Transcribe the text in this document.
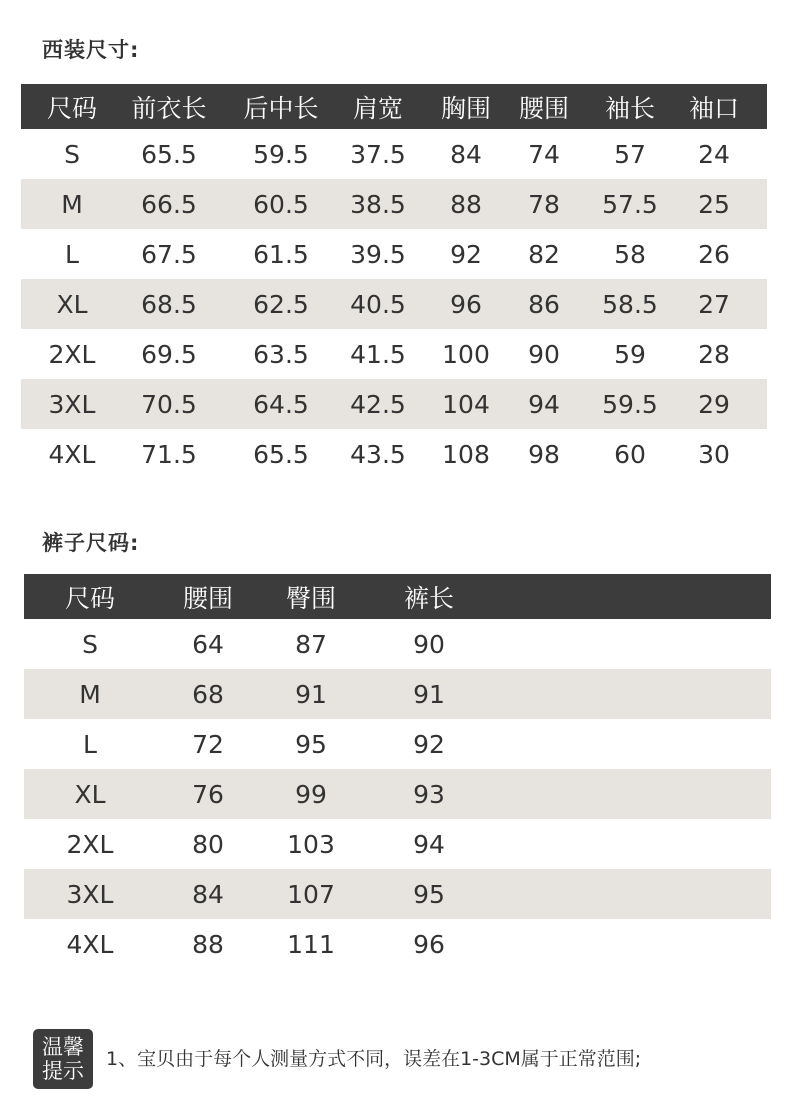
西装尺寸:
尺码	前衣长	后中长	肩宽	胸围	腰围	袖长	袖口
S	65.5	59.5	37.5	84	74	57	24
M	66.5	60.5	38.5	88	78	57.5	25
L	67.5	61.5	39.5	92	82	58	26
XL	68.5	62.5	40.5	96	86	58.5	27
2XL	69.5	63.5	41.5	100	90	59	28
3XL	70.5	64.5	42.5	104	94	59.5	29
4XL	71.5	65.5	43.5	108	98	60	30
裤子尺码:
尺码	腰围	臀围	裤长
S	64	87	90
M	68	91	91
L	72	95	92
XL	76	99	93
2XL	80	103	94
3XL	84	107	95
4XL	88	111	96
温馨
提示 1、宝贝由于每个人测量方式不同，误差在1-3CM属于正常范围;
